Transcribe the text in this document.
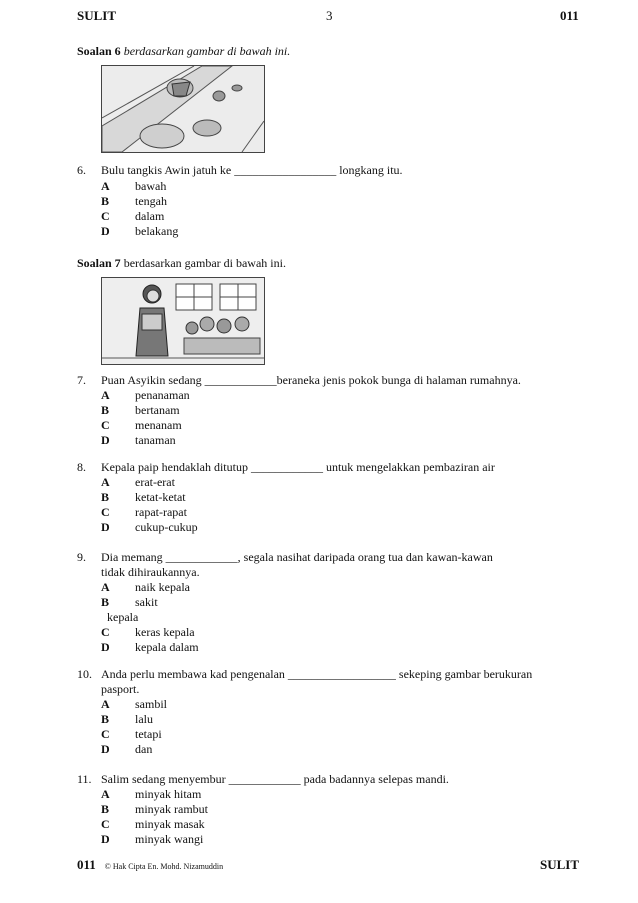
SULIT	3	011
Soalan 6 berdasarkan gambar di bawah ini.
6. Bulu tangkis Awin jatuh ke _________________ longkang itu.
A bawah
B tengah
C dalam
D belakang
Soalan 7 berdasarkan gambar di bawah ini.
7. Puan Asyikin sedang ____________beraneka jenis pokok bunga di halaman rumahnya.
A penanaman
B bertanam
C menanam
D tanaman
8. Kepala paip hendaklah ditutup ____________ untuk mengelakkan pembaziran air
A erat-erat
B ketat-ketat
C rapat-rapat
D cukup-cukup
9. Dia memang ____________, segala nasihat daripada orang tua dan kawan-kawan
tidak dihiraukannya.
A naik kepala
B sakit
kepala
C keras kepala
D kepala dalam
10. Anda perlu membawa kad pengenalan __________________ sekeping gambar berukuran
pasport.
A sambil
B lalu
C tetapi
D dan
11. Salim sedang menyembur ____________ pada badannya selepas mandi.
A minyak hitam
B minyak rambut
C minyak masak
D minyak wangi
011 © Hak Cipta En. Mohd. Nizamuddin	SULIT
